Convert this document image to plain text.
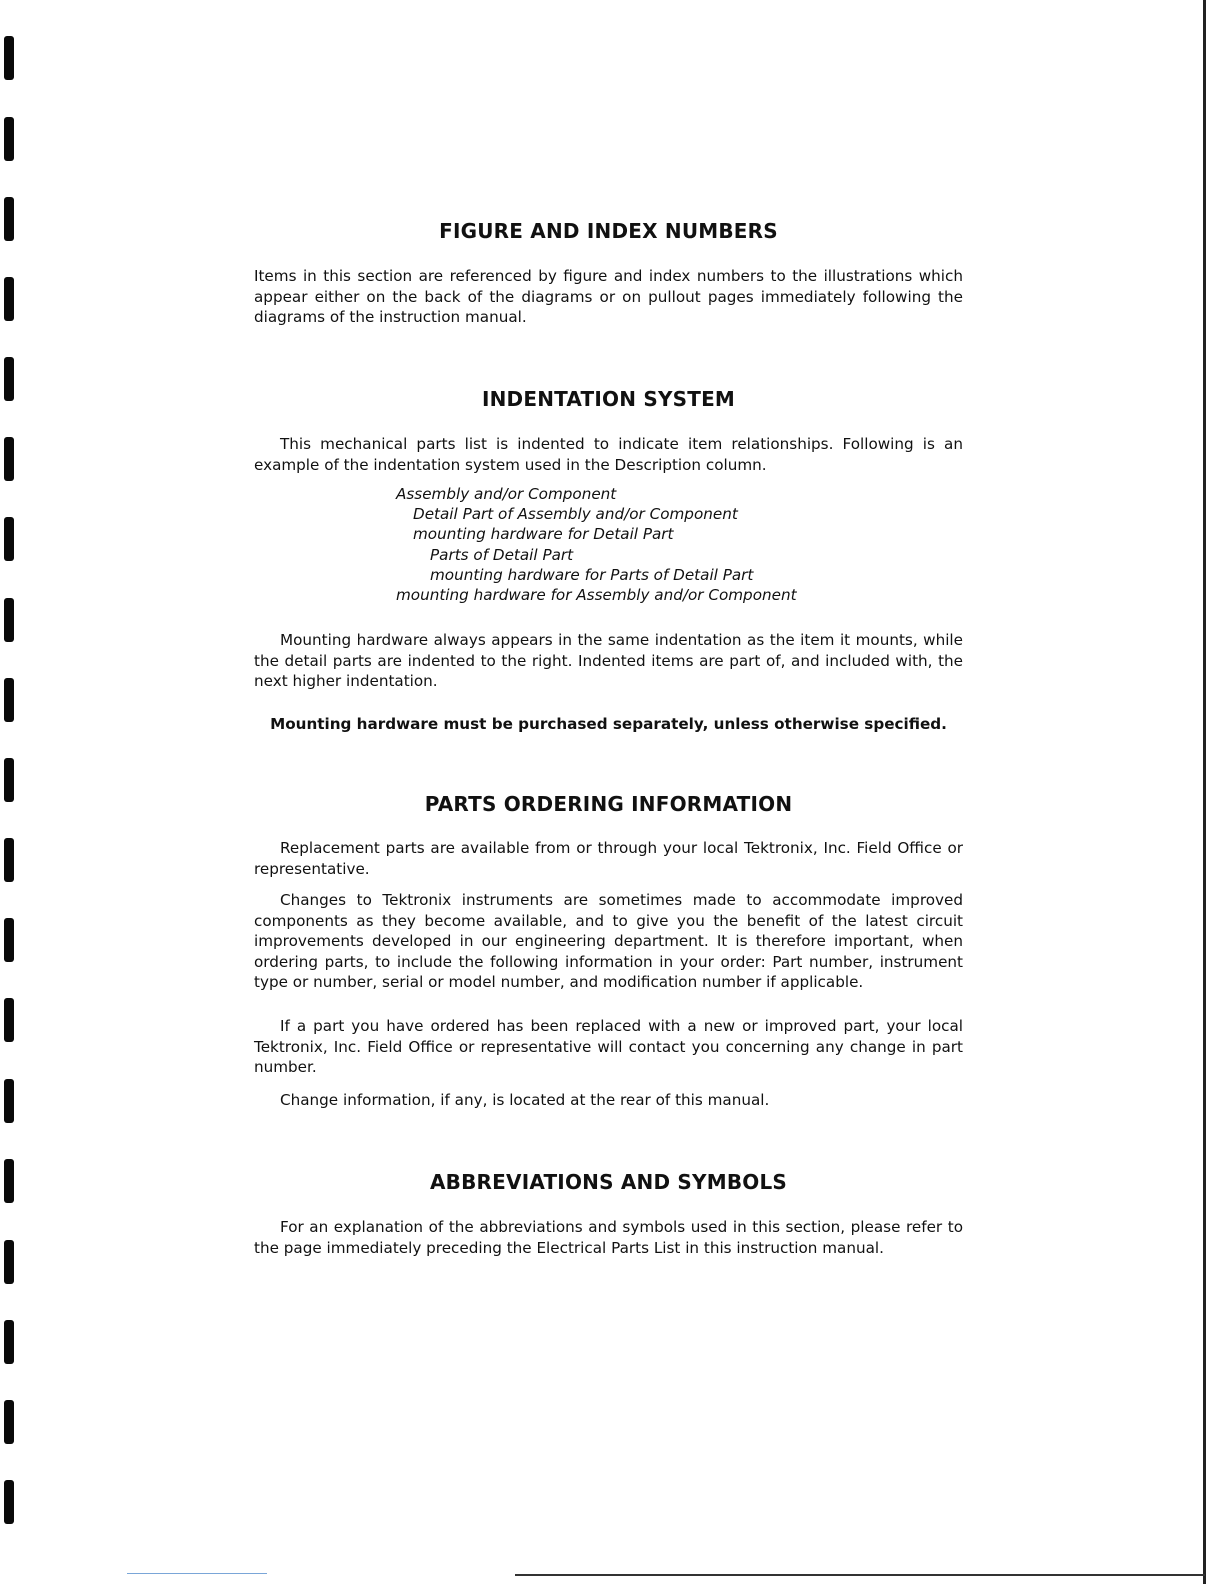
FIGURE AND INDEX NUMBERS

Items in this section are referenced by figure and index numbers to the illustrations which appear either on the back of the diagrams or on pullout pages immediately following the diagrams of the instruction manual.

INDENTATION SYSTEM

This mechanical parts list is indented to indicate item relationships. Following is an example of the indentation system used in the Description column.

Assembly and/or Component
Detail Part of Assembly and/or Component
mounting hardware for Detail Part
Parts of Detail Part
mounting hardware for Parts of Detail Part
mounting hardware for Assembly and/or Component

Mounting hardware always appears in the same indentation as the item it mounts, while the detail parts are indented to the right. Indented items are part of, and included with, the next higher indentation.

Mounting hardware must be purchased separately, unless otherwise specified.

PARTS ORDERING INFORMATION

Replacement parts are available from or through your local Tektronix, Inc. Field Office or representative.

Changes to Tektronix instruments are sometimes made to accommodate improved components as they become available, and to give you the benefit of the latest circuit improvements developed in our engineering department. It is therefore important, when ordering parts, to include the following information in your order: Part number, instrument type or number, serial or model number, and modification number if applicable.

If a part you have ordered has been replaced with a new or improved part, your local Tektronix, Inc. Field Office or representative will contact you concerning any change in part number.

Change information, if any, is located at the rear of this manual.

ABBREVIATIONS AND SYMBOLS

For an explanation of the abbreviations and symbols used in this section, please refer to the page immediately preceding the Electrical Parts List in this instruction manual.
